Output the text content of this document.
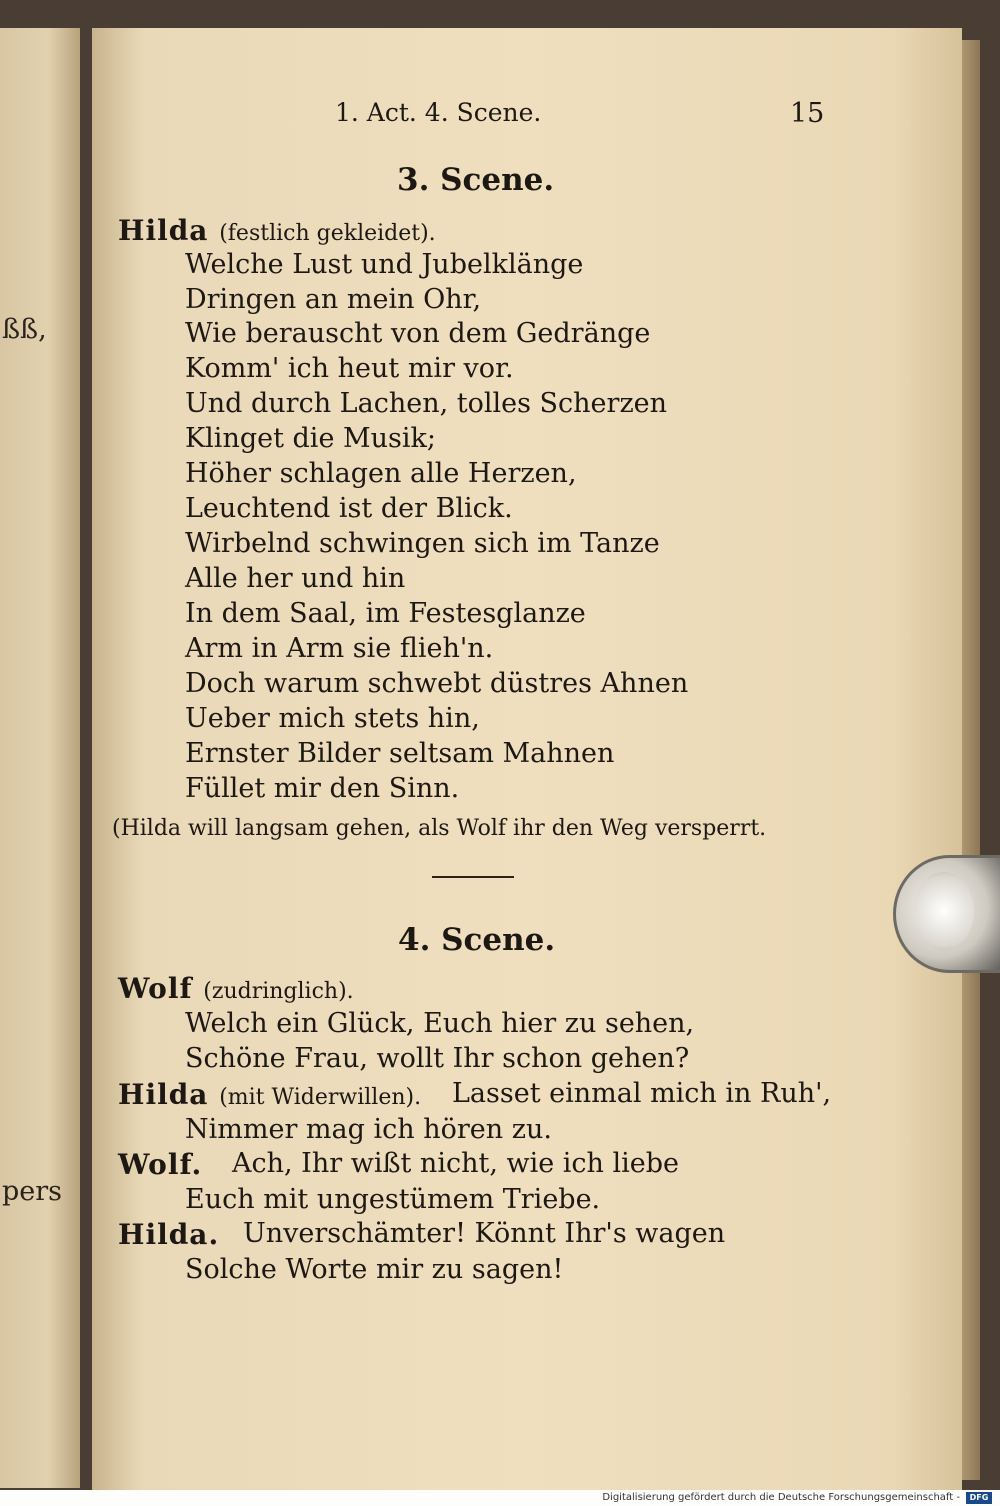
ßß,
pers
1. Act. 4. Scene.	15
3. Scene.
Hilda (festlich gekleidet).
Welche Lust und Jubelklänge
Dringen an mein Ohr,
Wie berauscht von dem Gedränge
Komm' ich heut mir vor.
Und durch Lachen, tolles Scherzen
Klinget die Musik;
Höher schlagen alle Herzen,
Leuchtend ist der Blick.
Wirbelnd schwingen sich im Tanze
Alle her und hin
In dem Saal, im Festesglanze
Arm in Arm sie flieh'n.
Doch warum schwebt düstres Ahnen
Ueber mich stets hin,
Ernster Bilder seltsam Mahnen
Füllet mir den Sinn.
(Hilda will langsam gehen, als Wolf ihr den Weg versperrt.
4. Scene.
Wolf (zudringlich).
Welch ein Glück, Euch hier zu sehen,
Schöne Frau, wollt Ihr schon gehen?
Hilda (mit Widerwillen). Lasset einmal mich in Ruh',
Nimmer mag ich hören zu.
Wolf. Ach, Ihr wißt nicht, wie ich liebe
Euch mit ungestümem Triebe.
Hilda. Unverschämter! Könnt Ihr's wagen
Solche Worte mir zu sagen!
Digitalisierung gefördert durch die Deutsche Forschungsgemeinschaft -	DFG
